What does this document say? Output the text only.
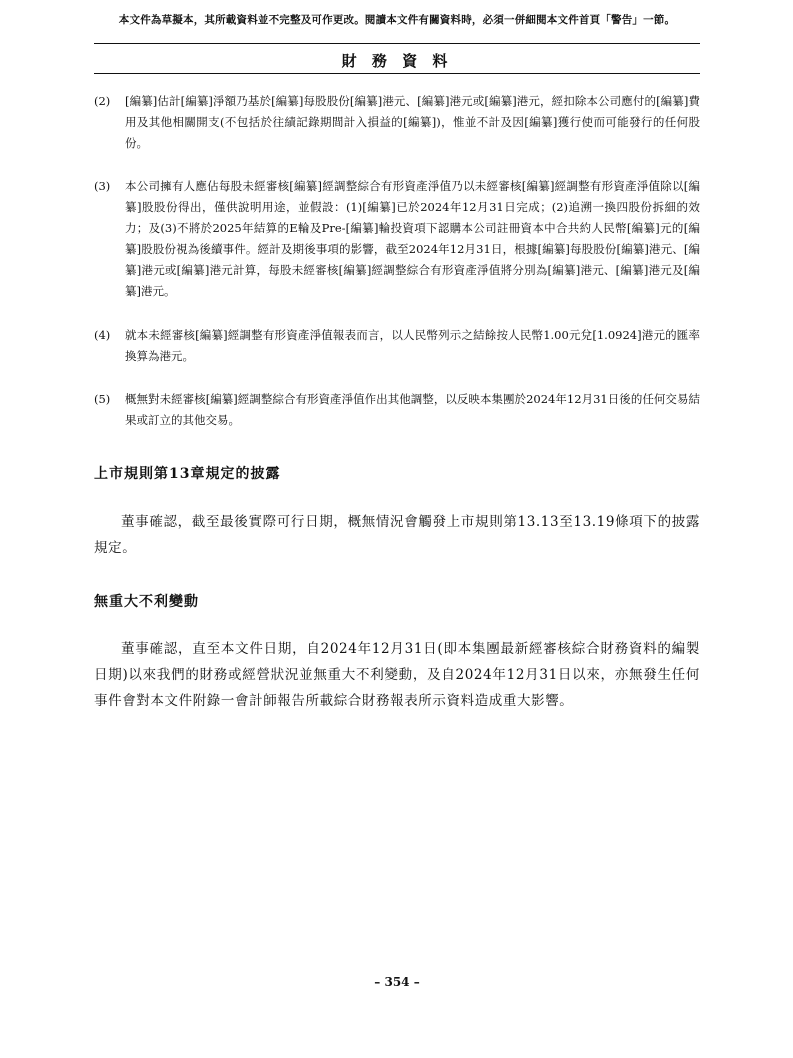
本文件為草擬本，其所載資料並不完整及可作更改。閱讀本文件有關資料時，必須一併細閱本文件首頁「警告」一節。
財 務 資 料
(2)	[編纂]估計[編纂]淨額乃基於[編纂]每股股份[編纂]港元、[編纂]港元或[編纂]港元，經扣除本公司應付的[編纂]費用及其他相關開支(不包括於往績記錄期間計入損益的[編纂])，惟並不計及因[編纂]獲行使而可能發行的任何股份。
(3)	本公司擁有人應佔每股未經審核[編纂]經調整綜合有形資產淨值乃以未經審核[編纂]經調整有形資產淨值除以[編纂]股股份得出，僅供說明用途，並假設：(1)[編纂]已於2024年12月31日完成；(2)追溯一換四股份拆細的效力；及(3)不將於2025年結算的E輪及Pre-[編纂]輪投資項下認購本公司註冊資本中合共約人民幣[編纂]元的[編纂]股股份視為後續事件。經計及期後事項的影響，截至2024年12月31日，根據[編纂]每股股份[編纂]港元、[編纂]港元或[編纂]港元計算，每股未經審核[編纂]經調整綜合有形資產淨值將分別為[編纂]港元、[編纂]港元及[編纂]港元。
(4)	就本未經審核[編纂]經調整有形資產淨值報表而言，以人民幣列示之結餘按人民幣1.00元兌[1.0924]港元的匯率換算為港元。
(5)	概無對未經審核[編纂]經調整綜合有形資產淨值作出其他調整，以反映本集團於2024年12月31日後的任何交易結果或訂立的其他交易。
上市規則第13章規定的披露
董事確認，截至最後實際可行日期，概無情況會觸發上市規則第13.13至13.19條項下的披露規定。
無重大不利變動
董事確認，直至本文件日期，自2024年12月31日(即本集團最新經審核綜合財務資料的編製日期)以來我們的財務或經營狀況並無重大不利變動，及自2024年12月31日以來，亦無發生任何事件會對本文件附錄一會計師報告所載綜合財務報表所示資料造成重大影響。
– 354 –
